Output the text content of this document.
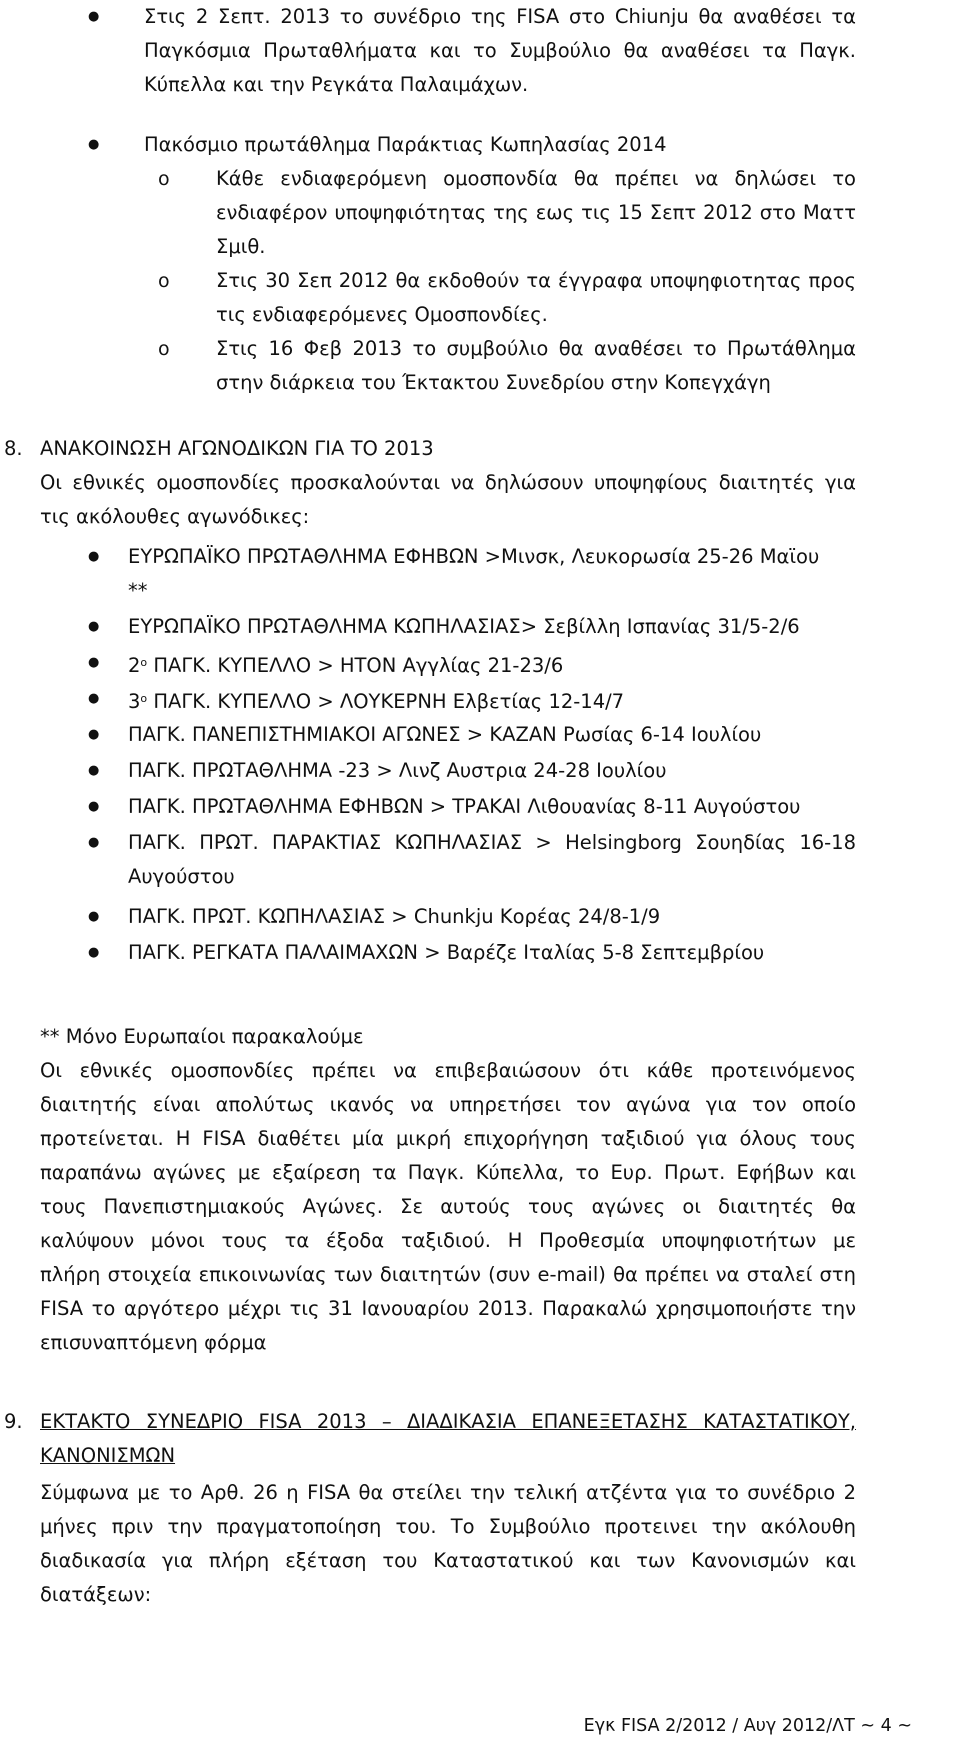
● Στις 2 Σεπτ. 2013 το συνέδριο της FISA στο Chiunju θα αναθέσει τα
Παγκόσμια Πρωταθλήματα και το Συμβούλιο θα αναθέσει τα Παγκ.
Κύπελλα και την Ρεγκάτα Παλαιμάχων.
● Πακόσμιο πρωτάθλημα Παράκτιας Κωπηλασίας 2014
o Κάθε ενδιαφερόμενη ομοσπονδία θα πρέπει να δηλώσει το
ενδιαφέρον υποψηφιότητας της εως τις 15 Σεπτ 2012 στο Ματτ
Σμιθ.
o Στις 30 Σεπ 2012 θα εκδοθούν τα έγγραφα υποψηφιοτητας προς
τις ενδιαφερόμενες Ομοσπονδίες.
o Στις 16 Φεβ 2013 το συμβούλιο θα αναθέσει το Πρωτάθλημα
στην διάρκεια του Έκτακτου Συνεδρίου στην Κοπεγχάγη
8. ΑΝΑΚΟΙΝΩΣΗ ΑΓΩΝΟΔΙΚΩΝ ΓΙΑ ΤΟ 2013
Οι εθνικές ομοσπονδίες προσκαλούνται να δηλώσουν υποψηφίους διαιτητές για
τις ακόλουθες αγωνόδικες:
● ΕΥΡΩΠΑΪΚΟ ΠΡΩΤΑΘΛΗΜΑ ΕΦΗΒΩΝ >Μινσκ, Λευκορωσία 25-26 Μαϊου
**
● ΕΥΡΩΠΑΪΚΟ ΠΡΩΤΑΘΛΗΜΑ ΚΩΠΗΛΑΣΙΑΣ> Σεβίλλη Ισπανίας 31/5-2/6
● $2^o$ ΠΑΓΚ. ΚΥΠΕΛΛΟ > ΗΤΟΝ Αγγλίας 21-23/6
● $3^o$ ΠΑΓΚ. ΚΥΠΕΛΛΟ > ΛΟΥΚΕΡΝΗ Ελβετίας 12-14/7
● ΠΑΓΚ. ΠΑΝΕΠΙΣΤΗΜΙΑΚΟΙ ΑΓΩΝΕΣ > ΚΑΖΑΝ Ρωσίας 6-14 Ιουλίου
● ΠΑΓΚ. ΠΡΩΤΑΘΛΗΜΑ -23 > Λινζ Αυστρια 24-28 Ιουλίου
● ΠΑΓΚ. ΠΡΩΤΑΘΛΗΜΑ ΕΦΗΒΩΝ > ΤΡΑΚΑΙ Λιθουανίας 8-11 Αυγούστου
● ΠΑΓΚ. ΠΡΩΤ. ΠΑΡΑΚΤΙΑΣ ΚΩΠΗΛΑΣΙΑΣ > Helsingborg Σουηδίας 16-18
Αυγούστου
● ΠΑΓΚ. ΠΡΩΤ. ΚΩΠΗΛΑΣΙΑΣ > Chunkju Κορέας 24/8-1/9
● ΠΑΓΚ. ΡΕΓΚΑΤΑ ΠΑΛΑΙΜΑΧΩΝ > Βαρέζε Ιταλίας 5-8 Σεπτεμβρίου
** Μόνο Ευρωπαίοι παρακαλούμε
Οι εθνικές ομοσπονδίες πρέπει να επιβεβαιώσουν ότι κάθε προτεινόμενος
διαιτητής είναι απολύτως ικανός να υπηρετήσει τον αγώνα για τον οποίο
προτείνεται. Η FISA διαθέτει μία μικρή επιχορήγηση ταξιδιού για όλους τους
παραπάνω αγώνες με εξαίρεση τα Παγκ. Κύπελλα, το Ευρ. Πρωτ. Εφήβων και
τους Πανεπιστημιακούς Αγώνες. Σε αυτούς τους αγώνες οι διαιτητές θα
καλύψουν μόνοι τους τα έξοδα ταξιδιού. Η Προθεσμία υποψηφιοτήτων με
πλήρη στοιχεία επικοινωνίας των διαιτητών (συν e-mail) θα πρέπει να σταλεί στη
FISA το αργότερο μέχρι τις 31 Ιανουαρίου 2013. Παρακαλώ χρησιμοποιήστε την
επισυναπτόμενη φόρμα
9. ΕΚΤΑΚΤΟ ΣΥΝΕΔΡΙΟ FISA 2013 – ΔΙΑΔΙΚΑΣΙΑ ΕΠΑΝΕΞΕΤΑΣΗΣ ΚΑΤΑΣΤΑΤΙΚΟΥ,
ΚΑΝΟΝΙΣΜΩΝ
Σύμφωνα με το Αρθ. 26 η FISA θα στείλει την τελική ατζέντα για το συνέδριο 2
μήνες πριν την πραγματοποίηση του. Το Συμβούλιο προτεινει την ακόλουθη
διαδικασία για πλήρη εξέταση του Καταστατικού και των Κανονισμών και
διατάξεων:
Εγκ FISA 2/2012 / Αυγ 2012/ΛΤ ~ 4 ~
